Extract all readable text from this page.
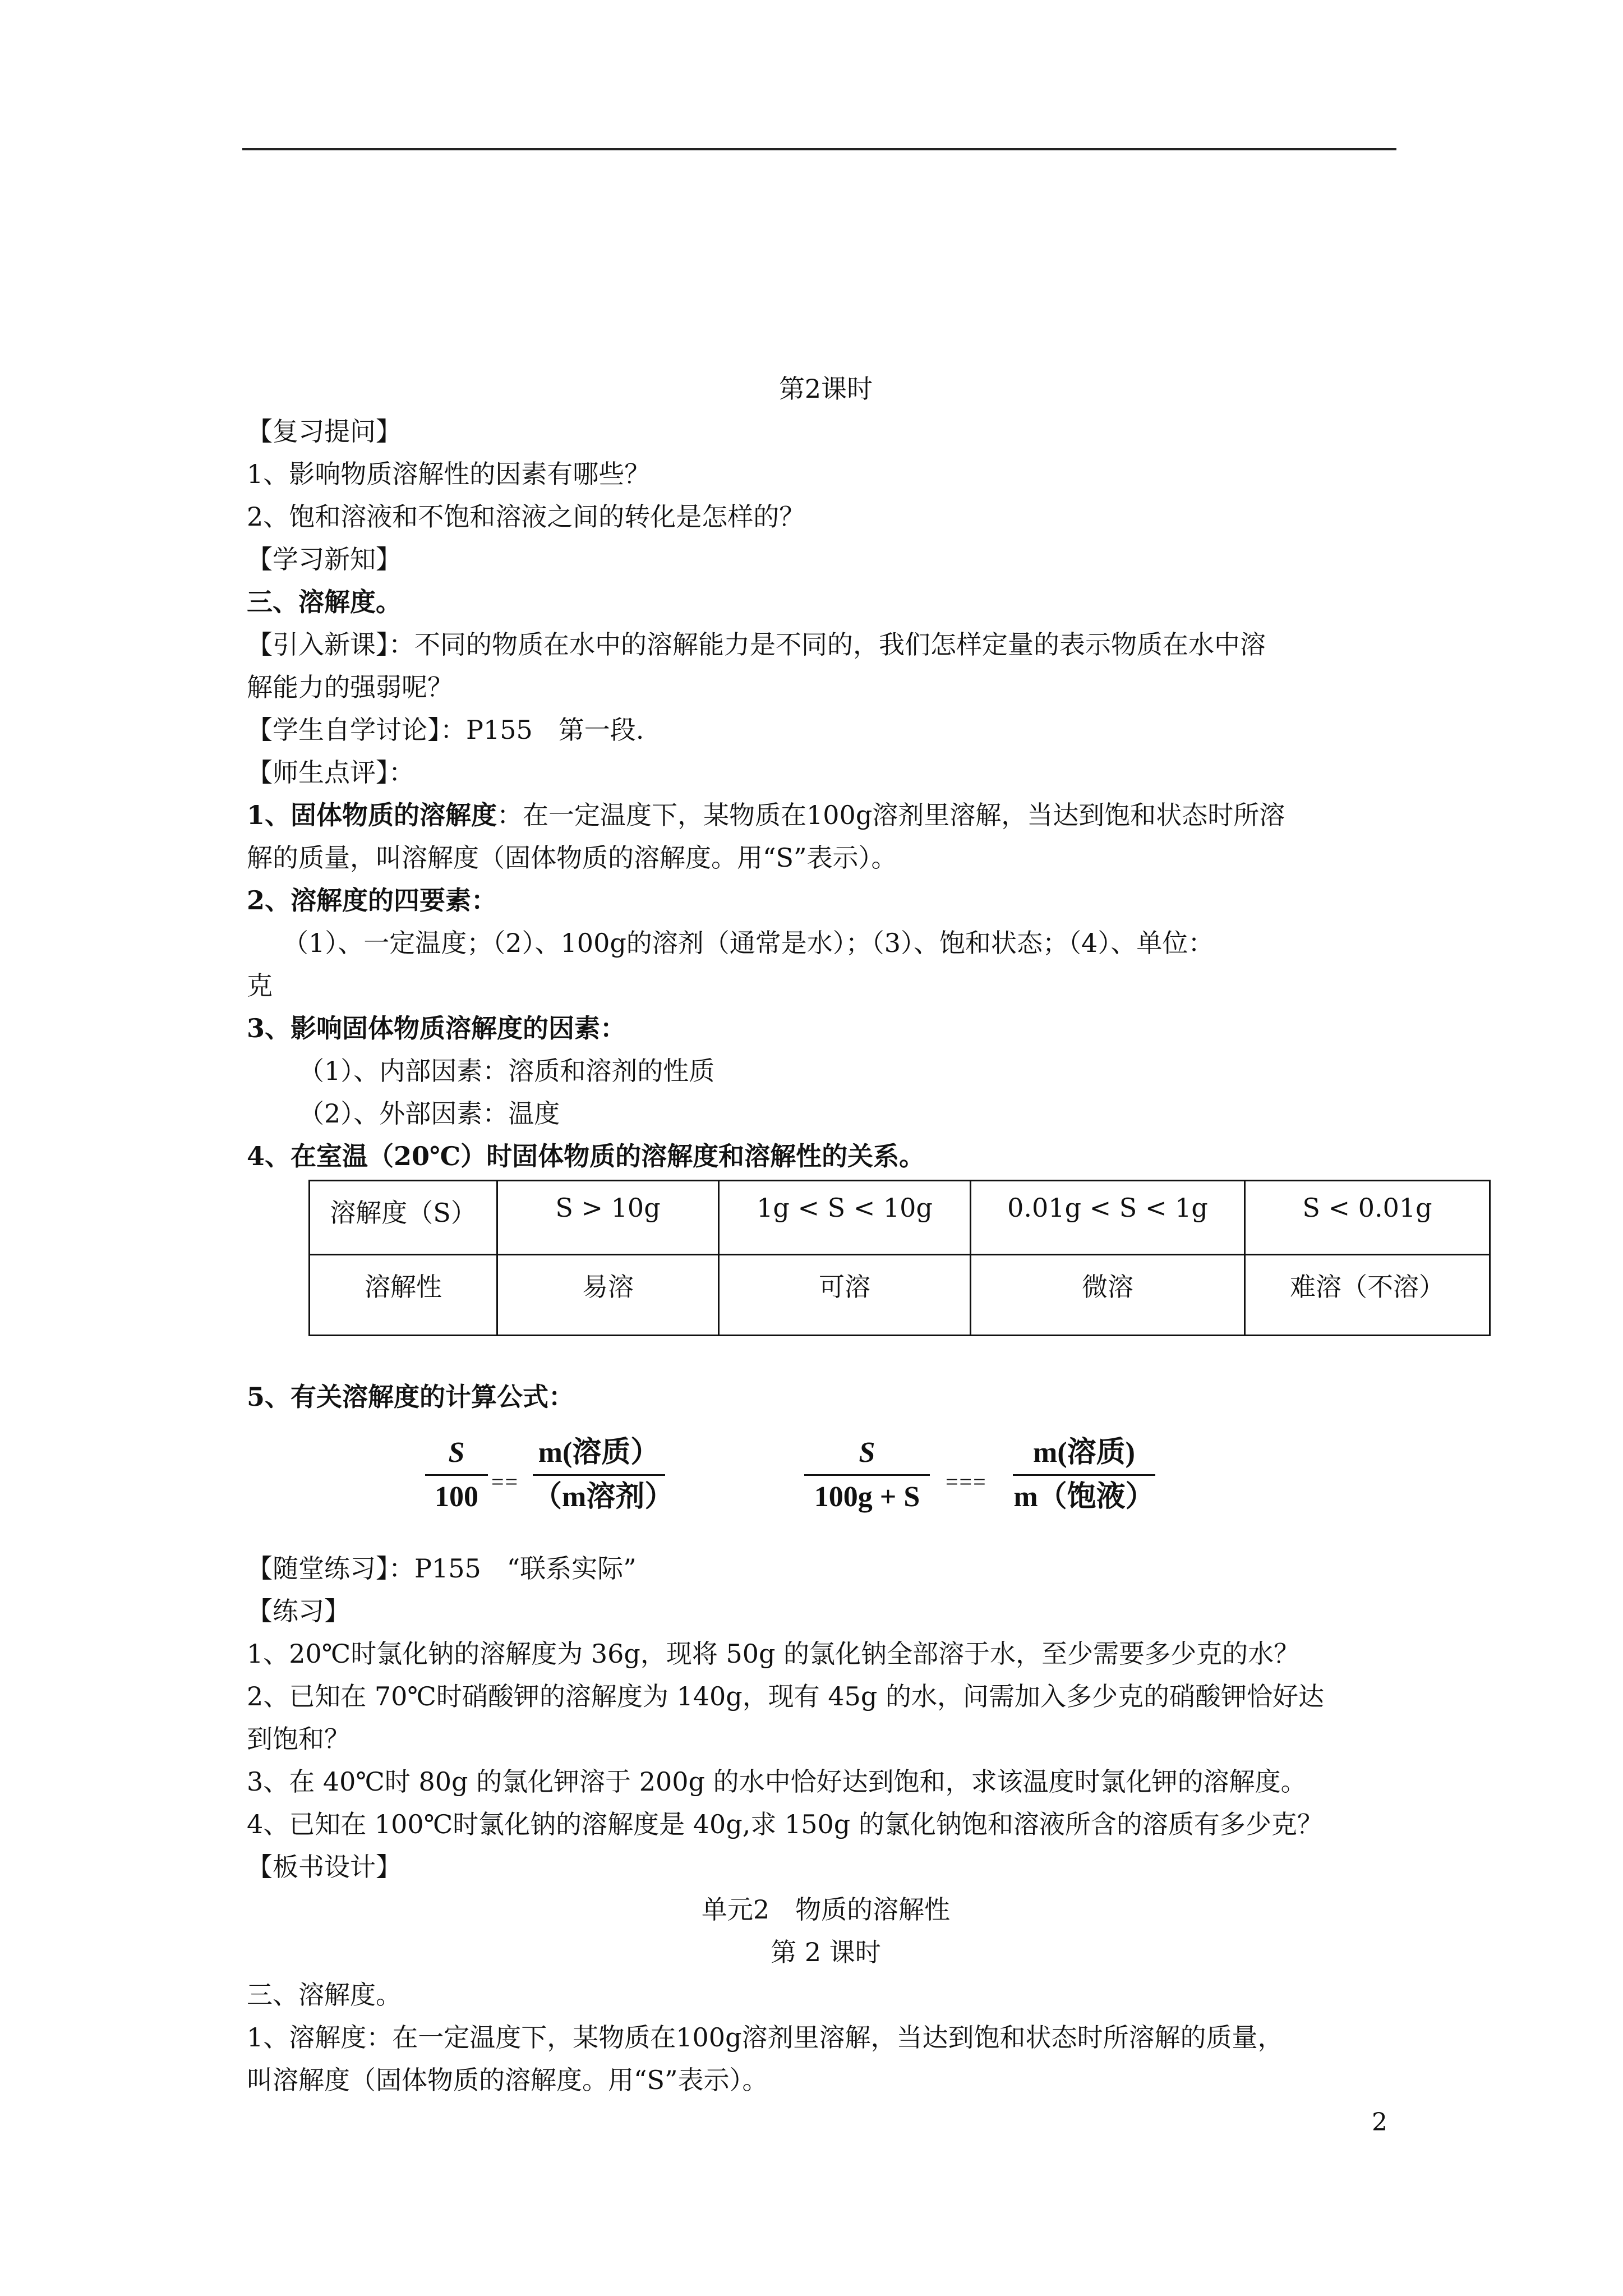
第2课时
【复习提问】
1、影响物质溶解性的因素有哪些？
2、饱和溶液和不饱和溶液之间的转化是怎样的？
【学习新知】
三、溶解度。
【引入新课】：不同的物质在水中的溶解能力是不同的，我们怎样定量的表示物质在水中溶
解能力的强弱呢？
【学生自学讨论】：P155　第一段.
【师生点评】：
1、固体物质的溶解度：在一定温度下，某物质在100g溶剂里溶解，当达到饱和状态时所溶
解的质量，叫溶解度（固体物质的溶解度。用“S”表示）。
2、溶解度的四要素：
（1）、一定温度；（2）、100g的溶剂（通常是水）；（3）、饱和状态；（4）、单位：
克
3、影响固体物质溶解度的因素：
（1）、内部因素：溶质和溶剂的性质
（2）、外部因素：温度
4、在室温（20℃）时固体物质的溶解度和溶解性的关系。
溶解度（S）	S > 10g	1g < S < 10g	0.01g < S < 1g	S < 0.01g
溶解性	易溶	可溶	微溶	难溶（不溶）
5、有关溶解度的计算公式：
S
100 ==
m(溶质）
（m溶剂）
S
100g + S	===
m(溶质)
m（饱液）
【随堂练习】：P155　“联系实际”
【练习】
1、20℃时氯化钠的溶解度为 36g，现将 50g 的氯化钠全部溶于水，至少需要多少克的水？
2、已知在 70℃时硝酸钾的溶解度为 140g，现有 45g 的水，问需加入多少克的硝酸钾恰好达
到饱和？
3、在 40℃时 80g 的氯化钾溶于 200g 的水中恰好达到饱和，求该温度时氯化钾的溶解度。
4、已知在 100℃时氯化钠的溶解度是 40g,求 150g 的氯化钠饱和溶液所含的溶质有多少克？
【板书设计】
单元2　物质的溶解性
第 2 课时
三、溶解度。
1、溶解度：在一定温度下，某物质在100g溶剂里溶解，当达到饱和状态时所溶解的质量，
叫溶解度（固体物质的溶解度。用“S”表示）。
2
